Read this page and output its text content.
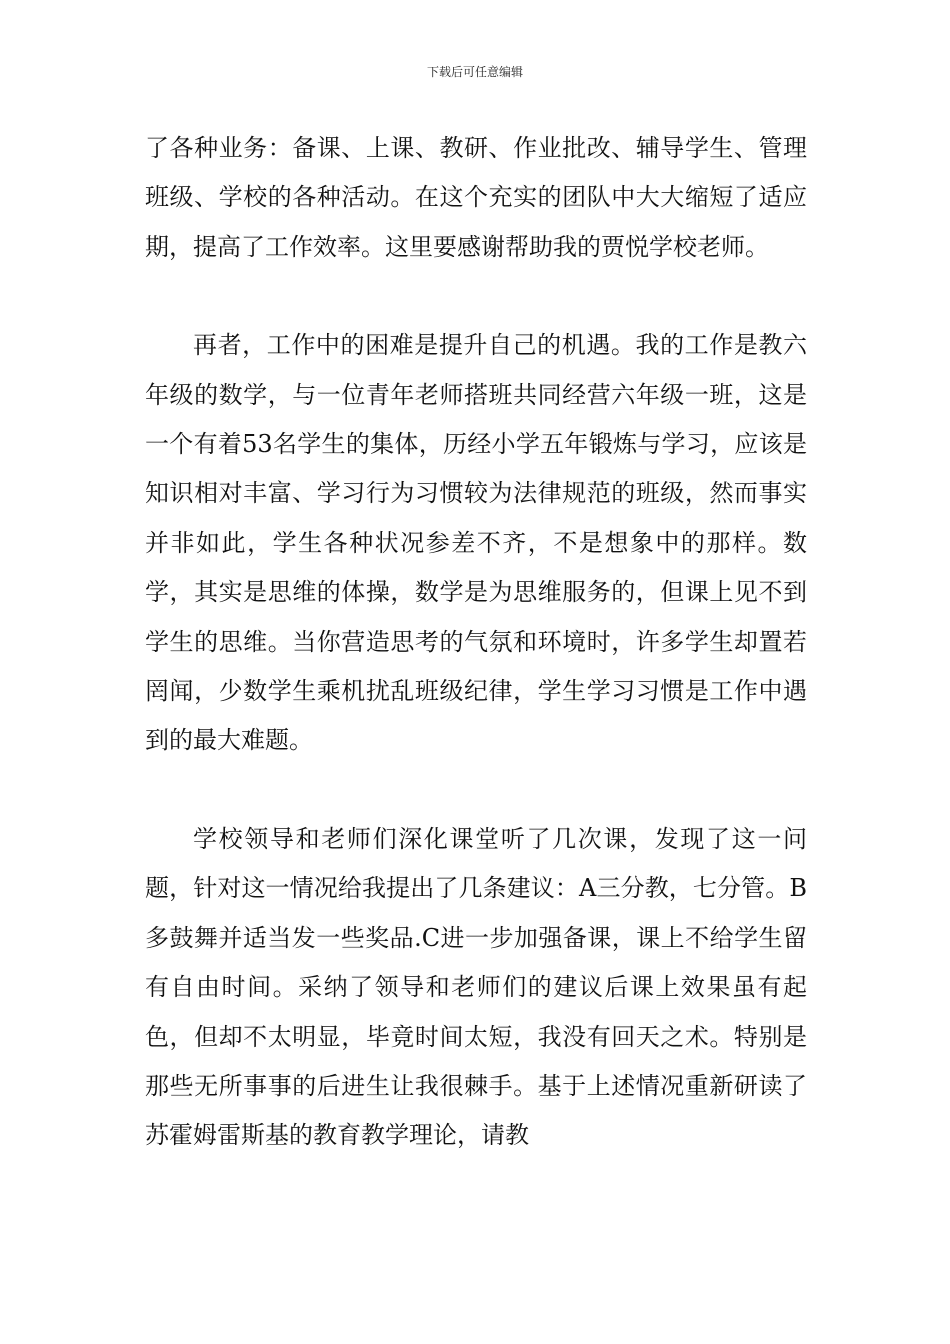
下载后可任意编辑

了各种业务：备课、上课、教研、作业批改、辅导学生、管理班级、学校的各种活动。在这个充实的团队中大大缩短了适应期，提高了工作效率。这里要感谢帮助我的贾悦学校老师。

再者，工作中的困难是提升自己的机遇。我的工作是教六年级的数学，与一位青年老师搭班共同经营六年级一班，这是一个有着53名学生的集体，历经小学五年锻炼与学习，应该是知识相对丰富、学习行为习惯较为法律规范的班级，然而事实并非如此，学生各种状况参差不齐，不是想象中的那样。数学，其实是思维的体操，数学是为思维服务的，但课上见不到学生的思维。当你营造思考的气氛和环境时，许多学生却置若罔闻，少数学生乘机扰乱班级纪律，学生学习习惯是工作中遇到的最大难题。

学校领导和老师们深化课堂听了几次课，发现了这一问题，针对这一情况给我提出了几条建议：A三分教，七分管。B多鼓舞并适当发一些奖品.C进一步加强备课，课上不给学生留有自由时间。采纳了领导和老师们的建议后课上效果虽有起色，但却不太明显，毕竟时间太短，我没有回天之术。特别是那些无所事事的后进生让我很棘手。基于上述情况重新研读了苏霍姆雷斯基的教育教学理论，请教
